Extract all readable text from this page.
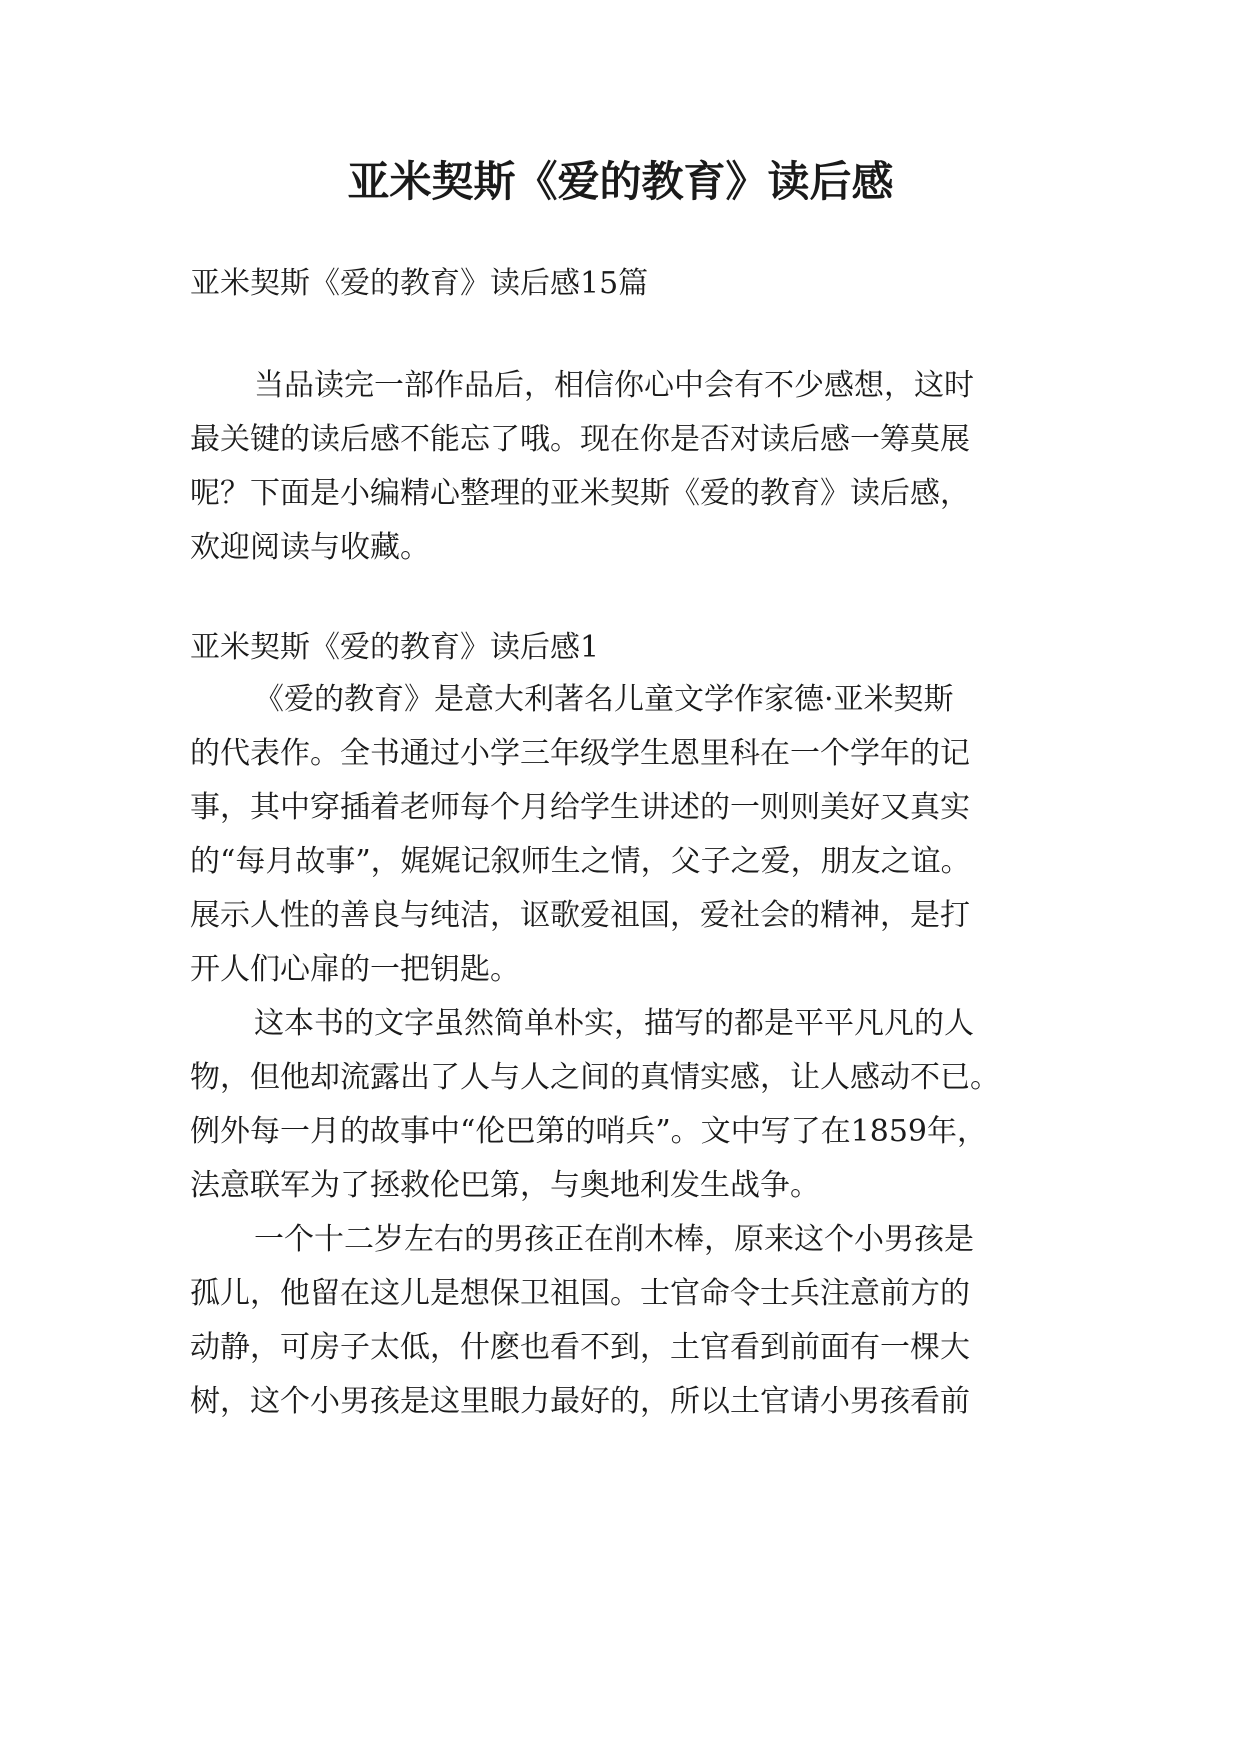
亚米契斯《爱的教育》读后感

亚米契斯《爱的教育》读后感15篇

当品读完一部作品后，相信你心中会有不少感想，这时

最关键的读后感不能忘了哦。现在你是否对读后感一筹莫展

呢？下面是小编精心整理的亚米契斯《爱的教育》读后感，

欢迎阅读与收藏。

亚米契斯《爱的教育》读后感1

《爱的教育》是意大利著名儿童文学作家德·亚米契斯

的代表作。全书通过小学三年级学生恩里科在一个学年的记

事，其中穿插着老师每个月给学生讲述的一则则美好又真实

的“每月故事”，娓娓记叙师生之情，父子之爱，朋友之谊。

展示人性的善良与纯洁，讴歌爱祖国，爱社会的精神，是打

开人们心扉的一把钥匙。

这本书的文字虽然简单朴实，描写的都是平平凡凡的人

物，但他却流露出了人与人之间的真情实感，让人感动不已。

例外每一月的故事中“伦巴第的哨兵”。文中写了在1859年，

法意联军为了拯救伦巴第，与奥地利发生战争。

一个十二岁左右的男孩正在削木棒，原来这个小男孩是

孤儿，他留在这儿是想保卫祖国。士官命令士兵注意前方的

动静，可房子太低，什麽也看不到，土官看到前面有一棵大

树，这个小男孩是这里眼力最好的，所以土官请小男孩看前
